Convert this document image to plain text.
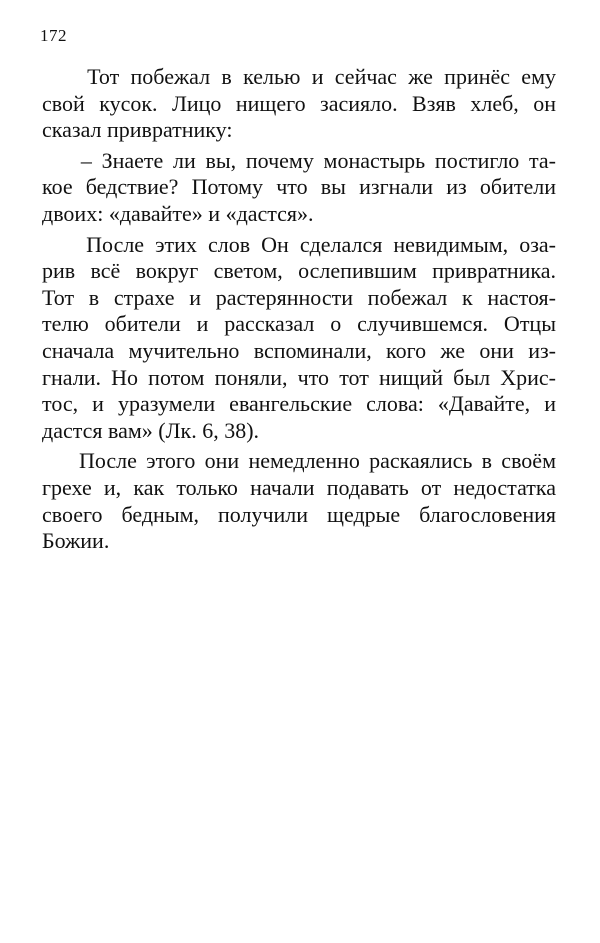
172
Тот побежал в келью и сейчас же принёс ему
свой кусок. Лицо нищего засияло. Взяв хлеб, он
сказал привратнику:
– Знаете ли вы, почему монастырь постигло та-
кое бедствие? Потому что вы изгнали из обители
двоих: «давайте» и «дастся».
После этих слов Он сделался невидимым, оза-
рив всё вокруг светом, ослепившим привратника.
Тот в страхе и растерянности побежал к настоя-
телю обители и рассказал о случившемся. Отцы
сначала мучительно вспоминали, кого же они из-
гнали. Но потом поняли, что тот нищий был Хрис-
тос, и уразумели евангельские слова: «Давайте, и
дастся вам» (Лк. 6, 38).
После этого они немедленно раскаялись в своём
грехе и, как только начали подавать от недостатка
своего бедным, получили щедрые благословения
Божии.
